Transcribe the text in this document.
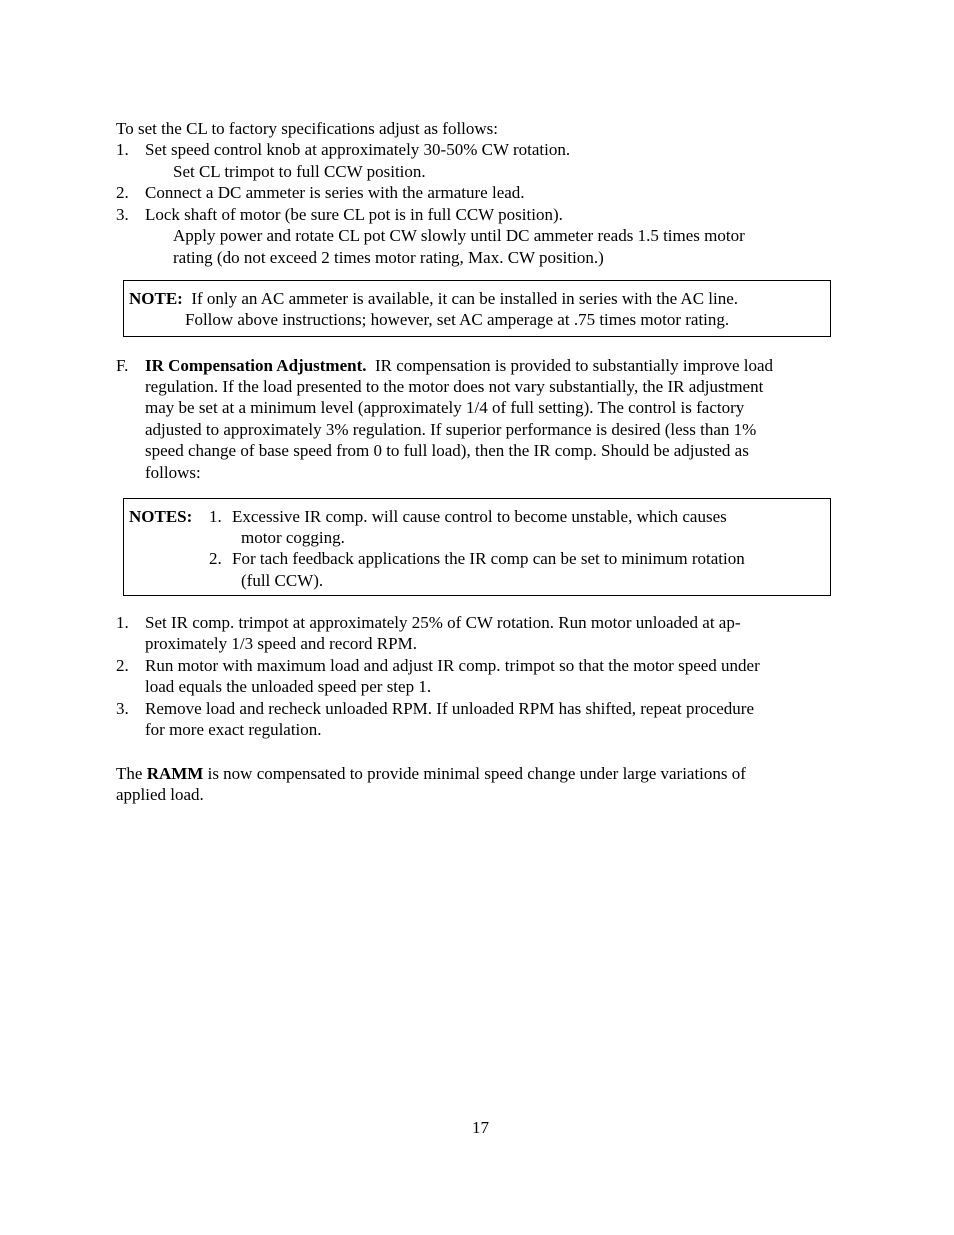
To set the CL to factory specifications adjust as follows:
1. Set speed control knob at approximately 30-50% CW rotation.
Set CL trimpot to full CCW position.
2. Connect a DC ammeter is series with the armature lead.
3. Lock shaft of motor (be sure CL pot is in full CCW position).
Apply power and rotate CL pot CW slowly until DC ammeter reads 1.5 times motor
rating (do not exceed 2 times motor rating, Max. CW position.)
NOTE: If only an AC ammeter is available, it can be installed in series with the AC line.
Follow above instructions; however, set AC amperage at .75 times motor rating.
F. IR Compensation Adjustment. IR compensation is provided to substantially improve load
regulation. If the load presented to the motor does not vary substantially, the IR adjustment
may be set at a minimum level (approximately 1/4 of full setting). The control is factory
adjusted to approximately 3% regulation. If superior performance is desired (less than 1%
speed change of base speed from 0 to full load), then the IR comp. Should be adjusted as
follows:
NOTES: 1. Excessive IR comp. will cause control to become unstable, which causes
motor cogging.
2. For tach feedback applications the IR comp can be set to minimum rotation
(full CCW).
1. Set IR comp. trimpot at approximately 25% of CW rotation. Run motor unloaded at ap-
proximately 1/3 speed and record RPM.
2. Run motor with maximum load and adjust IR comp. trimpot so that the motor speed under
load equals the unloaded speed per step 1.
3. Remove load and recheck unloaded RPM. If unloaded RPM has shifted, repeat procedure
for more exact regulation.
The RAMM is now compensated to provide minimal speed change under large variations of
applied load.
17
